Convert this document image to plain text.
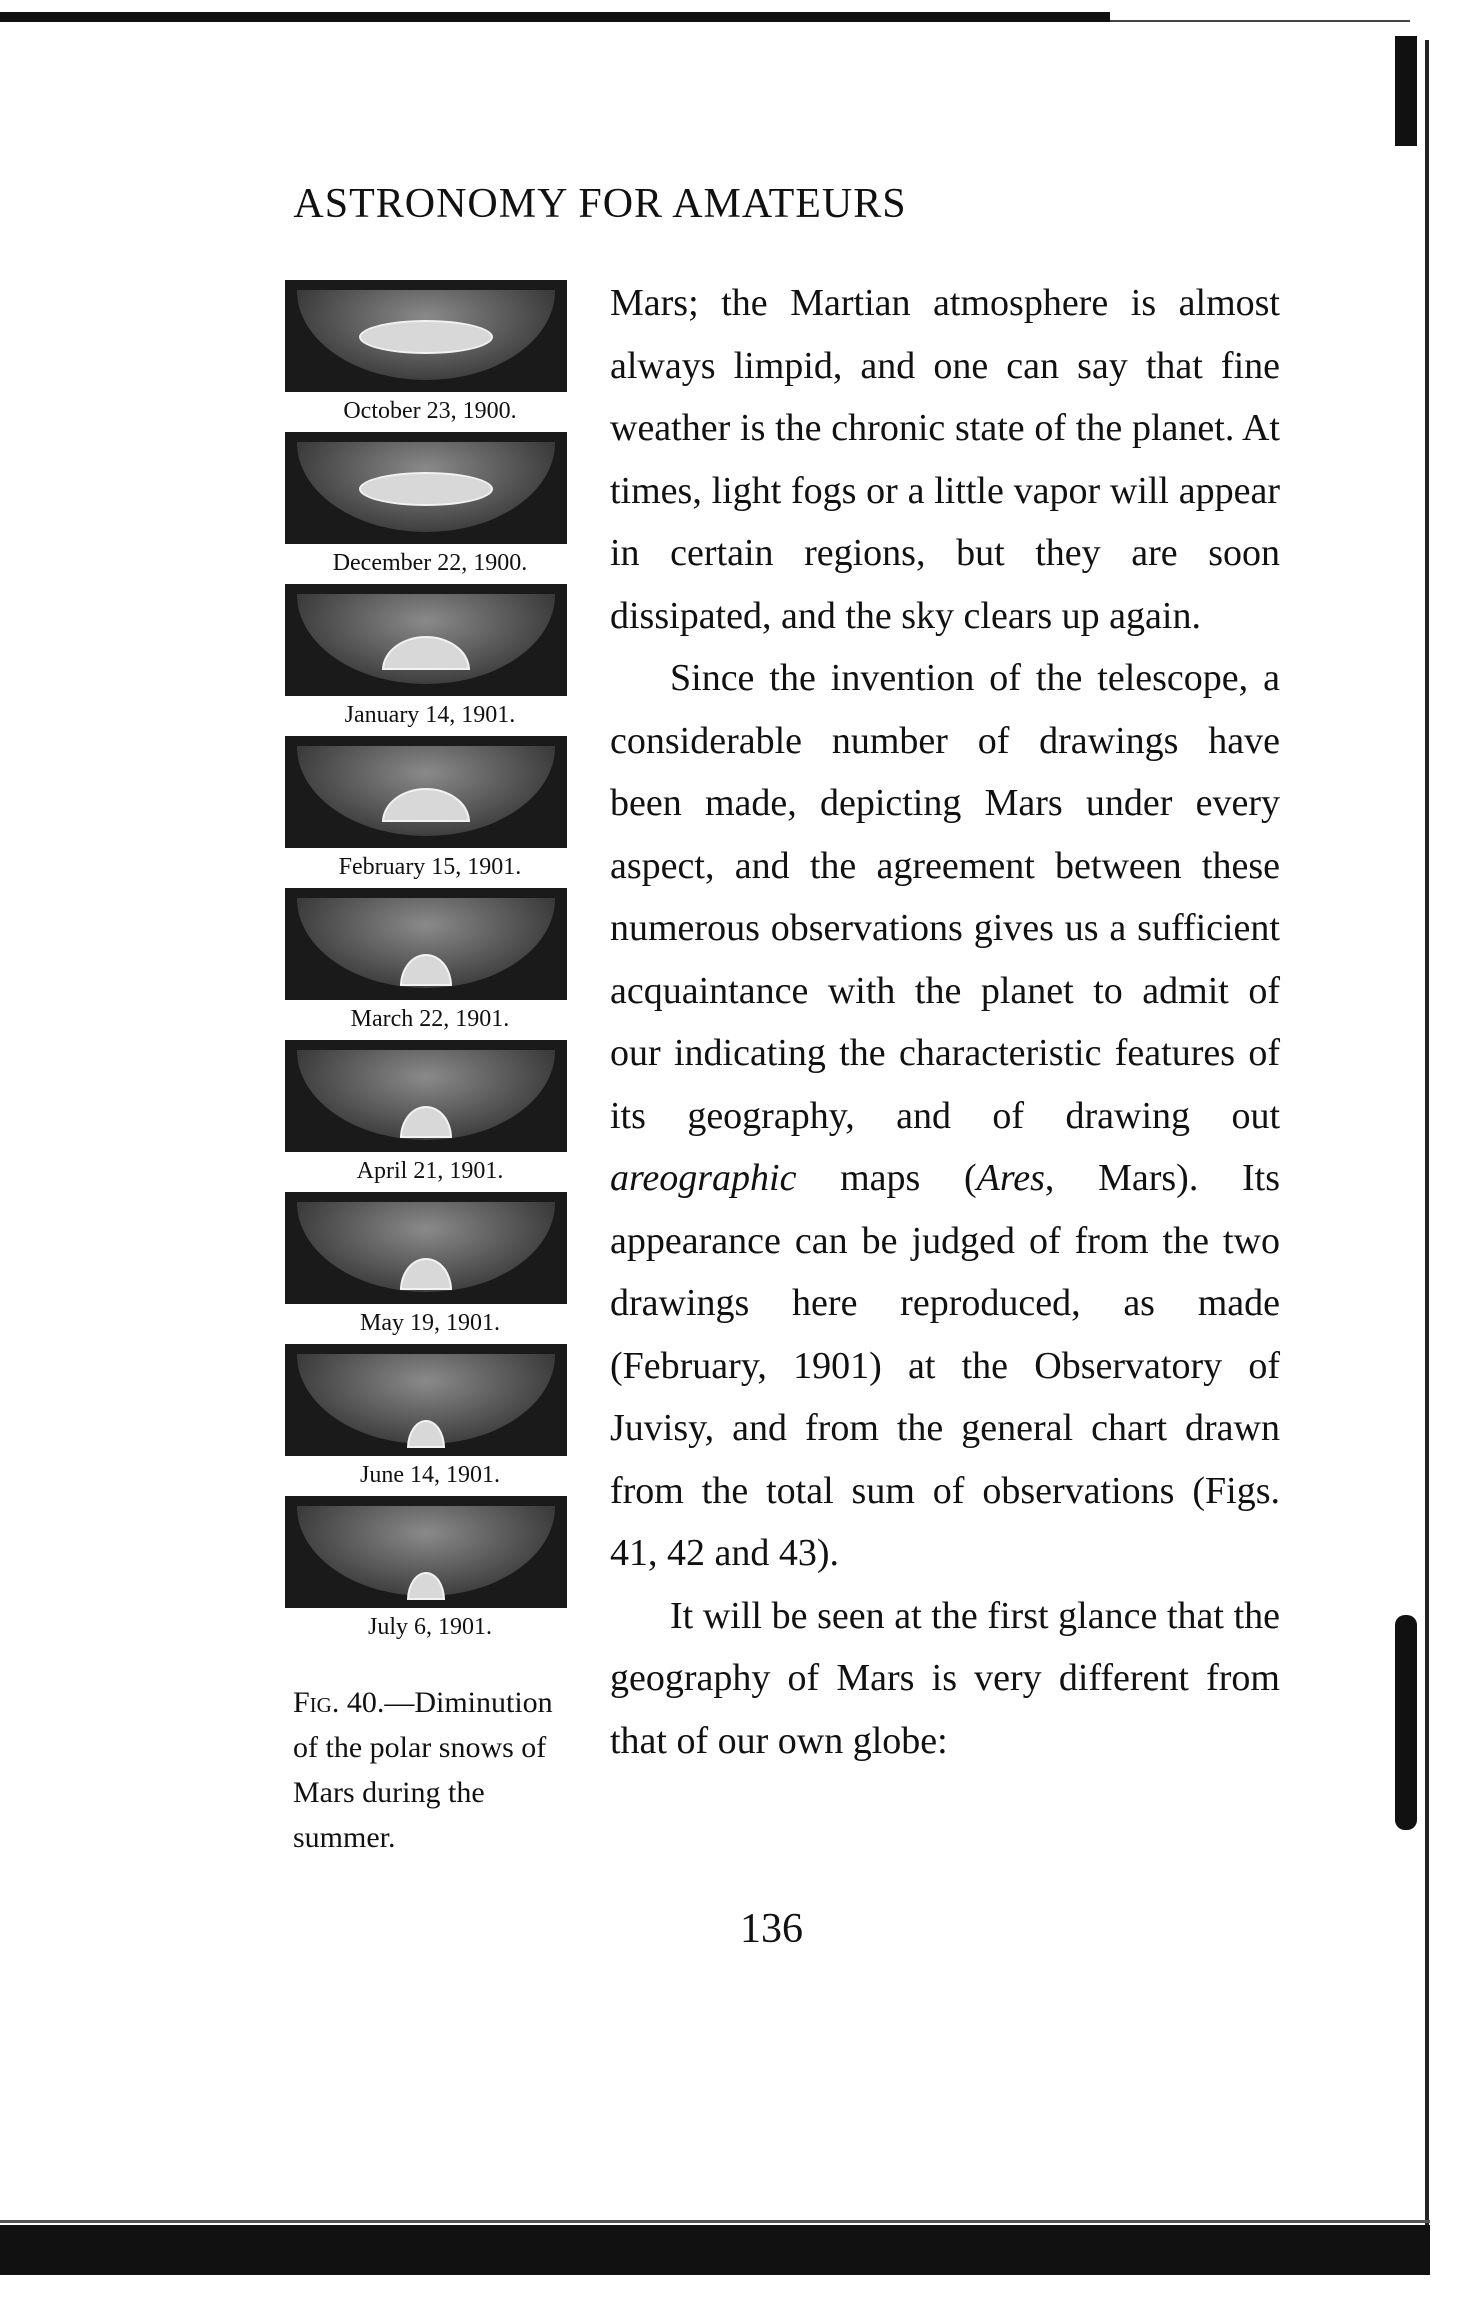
ASTRONOMY FOR AMATEURS
October 23, 1900.
December 22, 1900.
January 14, 1901.
February 15, 1901.
March 22, 1901.
April 21, 1901.
May 19, 1901.
June 14, 1901.
July 6, 1901.
Fig. 40.—Diminution of the polar snows of Mars during the summer.

Mars; the Martian atmosphere is almost always limpid, and one can say that fine weather is the chronic state of the planet. At times, light fogs or a little vapor will appear in certain regions, but they are soon dissipated, and the sky clears up again.

Since the invention of the telescope, a considerable number of drawings have been made, depicting Mars under every aspect, and the agreement between these numerous observations gives us a sufficient acquaintance with the planet to admit of our indicating the characteristic features of its geography, and of drawing out areographic maps (Ares, Mars). Its appearance can be judged of from the two drawings here reproduced, as made (February, 1901) at the Observatory of Juvisy, and from the general chart drawn from the total sum of observations (Figs. 41, 42 and 43).

It will be seen at the first glance that the geography of Mars is very different from that of our own globe:

136
